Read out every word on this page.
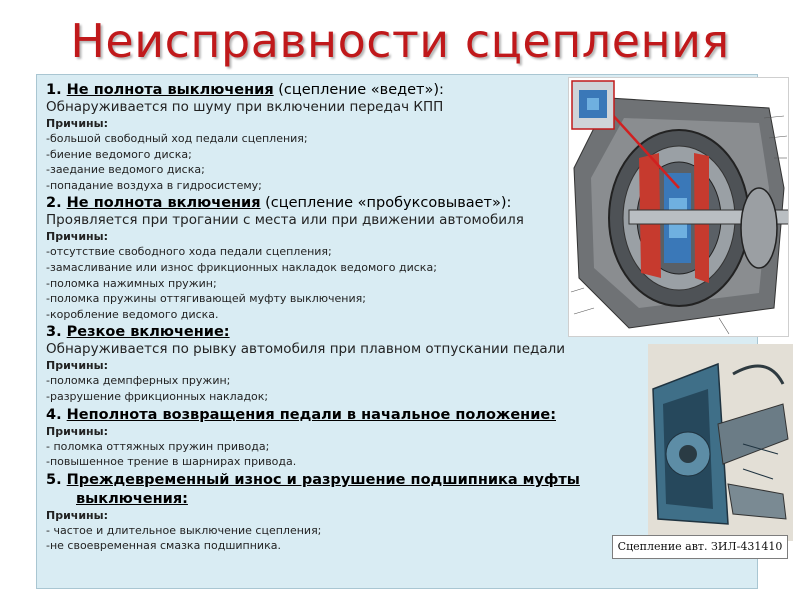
Неисправности сцепления
1. Не полнота выключения (сцепление «ведет»):
Обнаруживается по шуму при включении передач КПП
Причины:
-большой свободный ход педали сцепления;
-биение ведомого диска;
-заедание ведомого диска;
-попадание воздуха в гидросистему;
2. Не полнота включения (сцепление «пробуксовывает»):
Проявляется при трогании с места или при движении автомобиля
Причины:
-отсутствие свободного хода педали сцепления;
-замасливание или износ фрикционных накладок ведомого диска;
-поломка нажимных пружин;
-поломка пружины оттягивающей муфту выключения;
-коробление ведомого диска.
3. Резкое включение:
Обнаруживается по рывку автомобиля при плавном отпускании педали
Причины:
-поломка демпферных пружин;
-разрушение фрикционных накладок;
4. Неполнота возвращения педали в начальное положение:
Причины:
- поломка оттяжных пружин привода;
-повышенное трение в шарнирах привода.
5. Преждевременный износ и разрушение подшипника муфты
выключения:
Причины:
- частое и длительное выключение сцепления;
-не своевременная смазка подшипника.	Сцепление авт. ЗИЛ-431410
